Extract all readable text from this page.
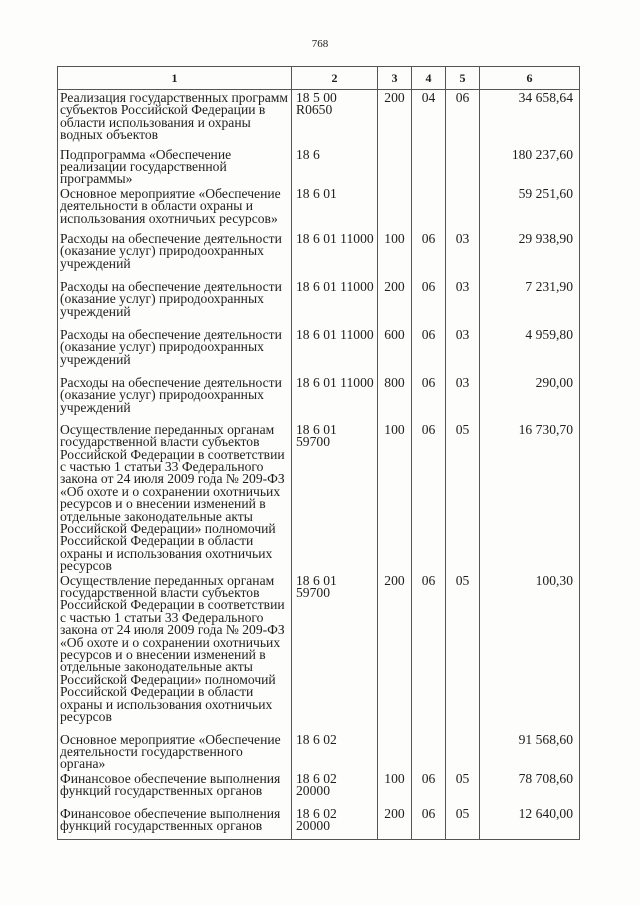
768
1	2	3	4	5	6
Реализация государственных программ субъектов Российской Федерации в области использования и охраны водных объектов	18 5 00 R0650	200	04	06	34 658,64
Подпрограмма «Обеспечение реализации государственной программы»	18 6				180 237,60
Основное мероприятие «Обеспечение деятельности в области охраны и использования охотничьих ресурсов»	18 6 01				59 251,60
Расходы на обеспечение деятельности (оказание услуг) природоохранных учреждений	18 6 01 11000	100	06	03	29 938,90
Расходы на обеспечение деятельности (оказание услуг) природоохранных учреждений	18 6 01 11000	200	06	03	7 231,90
Расходы на обеспечение деятельности (оказание услуг) природоохранных учреждений	18 6 01 11000	600	06	03	4 959,80
Расходы на обеспечение деятельности (оказание услуг) природоохранных учреждений	18 6 01 11000	800	06	03	290,00
Осуществление переданных органам государственной власти субъектов Российской Федерации в соответствии с частью 1 статьи 33 Федерального закона от 24 июля 2009 года № 209-ФЗ «Об охоте и о сохранении охотничьих ресурсов и о внесении изменений в отдельные законодательные акты Российской Федерации» полномочий Российской Федерации в области охраны и использования охотничьих ресурсов	18 6 01 59700	100	06	05	16 730,70
Осуществление переданных органам государственной власти субъектов Российской Федерации в соответствии с частью 1 статьи 33 Федерального закона от 24 июля 2009 года № 209-ФЗ «Об охоте и о сохранении охотничьих ресурсов и о внесении изменений в отдельные законодательные акты Российской Федерации» полномочий Российской Федерации в области охраны и использования охотничьих ресурсов	18 6 01 59700	200	06	05	100,30
Основное мероприятие «Обеспечение деятельности государственного органа»	18 6 02				91 568,60
Финансовое обеспечение выполнения функций государственных органов	18 6 02 20000	100	06	05	78 708,60
Финансовое обеспечение выполнения функций государственных органов	18 6 02 20000	200	06	05	12 640,00
